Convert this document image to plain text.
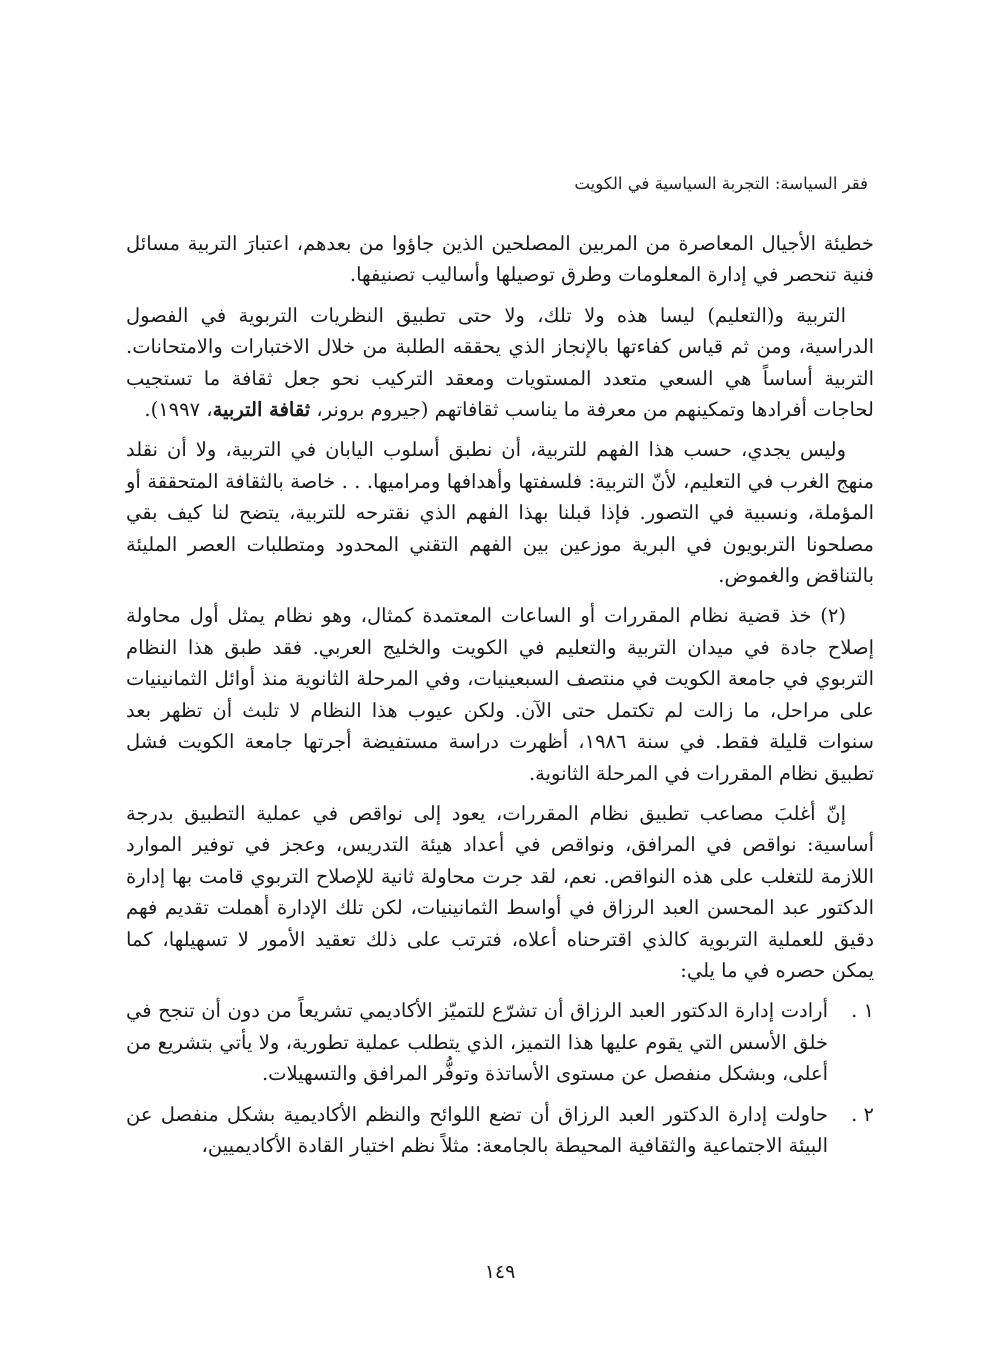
فقر السياسة: التجربة السياسية في الكويت

خطيئة الأجيال المعاصرة من المربين المصلحين الذين جاؤوا من بعدهم، اعتبارَ التربية مسائل فنية تنحصر في إدارة المعلومات وطرق توصيلها وأساليب تصنيفها.

التربية و(التعليم) ليسا هذه ولا تلك، ولا حتى تطبيق النظريات التربوية في الفصول الدراسية، ومن ثم قياس كفاءتها بالإنجاز الذي يحققه الطلبة من خلال الاختبارات والامتحانات. التربية أساساً هي السعي متعدد المستويات ومعقد التركيب نحو جعل ثقافة ما تستجيب لحاجات أفرادها وتمكينهم من معرفة ما يناسب ثقافاتهم (جيروم برونر، ثقافة التربية، ١٩٩٧).

وليس يجدي، حسب هذا الفهم للتربية، أن نطبق أسلوب اليابان في التربية، ولا أن نقلد منهج الغرب في التعليم، لأنّ التربية: فلسفتها وأهدافها ومراميها. . . خاصة بالثقافة المتحققة أو المؤملة، ونسبية في التصور. فإذا قبلنا بهذا الفهم الذي نقترحه للتربية، يتضح لنا كيف بقي مصلحونا التربويون في البرية موزعين بين الفهم التقني المحدود ومتطلبات العصر المليئة بالتناقض والغموض.

(٢) خذ قضية نظام المقررات أو الساعات المعتمدة كمثال، وهو نظام يمثل أول محاولة إصلاح جادة في ميدان التربية والتعليم في الكويت والخليج العربي. فقد طبق هذا النظام التربوي في جامعة الكويت في منتصف السبعينيات، وفي المرحلة الثانوية منذ أوائل الثمانينيات على مراحل، ما زالت لم تكتمل حتى الآن. ولكن عيوب هذا النظام لا تلبث أن تظهر بعد سنوات قليلة فقط. في سنة ١٩٨٦، أظهرت دراسة مستفيضة أجرتها جامعة الكويت فشل تطبيق نظام المقررات في المرحلة الثانوية.

إنّ أغلبَ مصاعب تطبيق نظام المقررات، يعود إلى نواقص في عملية التطبيق بدرجة أساسية: نواقص في المرافق، ونواقص في أعداد هيئة التدريس، وعجز في توفير الموارد اللازمة للتغلب على هذه النواقص. نعم، لقد جرت محاولة ثانية للإصلاح التربوي قامت بها إدارة الدكتور عبد المحسن العبد الرزاق في أواسط الثمانينيات، لكن تلك الإدارة أهملت تقديم فهم دقيق للعملية التربوية كالذي اقترحناه أعلاه، فترتب على ذلك تعقيد الأمور لا تسهيلها، كما يمكن حصره في ما يلي:

١ .
أرادت إدارة الدكتور العبد الرزاق أن تشرّع للتميّز الأكاديمي تشريعاً من دون أن تنجح في خلق الأسس التي يقوم عليها هذا التميز، الذي يتطلب عملية تطورية، ولا يأتي بتشريع من أعلى، وبشكل منفصل عن مستوى الأساتذة وتوفُّر المرافق والتسهيلات.
٢ .
حاولت إدارة الدكتور العبد الرزاق أن تضع اللوائح والنظم الأكاديمية بشكل منفصل عن البيئة الاجتماعية والثقافية المحيطة بالجامعة: مثلاً نظم اختيار القادة الأكاديميين،
١٤٩
